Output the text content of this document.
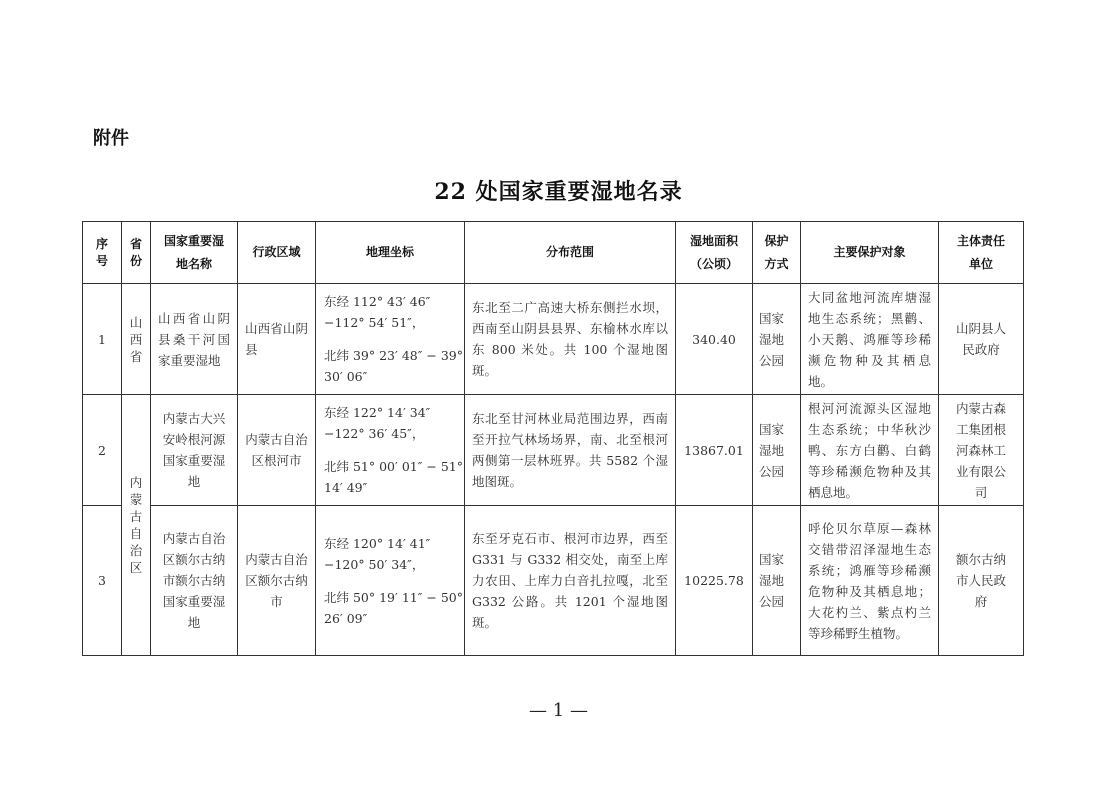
附件
22 处国家重要湿地名录
序号	省份	国家重要湿地名称	行政区域	地理坐标	分布范围	湿地面积（公顷）	保护方式	主要保护对象	主体责任单位
1	山西省	山西省山阴县桑干河国家重要湿地	山西省山阴县	东经 112° 43′ 46″ −112° 54′ 51″，
北纬 39° 23′ 48″ − 39° 30′ 06″	东北至二广高速大桥东侧拦水坝，西南至山阴县县界、东榆林水库以东 800 米处。共 100 个湿地图斑。	340.40	国家湿地公园	大同盆地河流库塘湿地生态系统；黑鹳、小天鹅、鸿雁等珍稀濒危物种及其栖息地。	山阴县人民政府
2	内蒙古自治区	内蒙古大兴安岭根河源国家重要湿地	内蒙古自治区根河市	东经 122° 14′ 34″ −122° 36′ 45″，
北纬 51° 00′ 01″ − 51° 14′ 49″	东北至甘河林业局范围边界，西南至开拉气林场场界，南、北至根河两侧第一层林班界。共 5582 个湿地图斑。	13867.01	国家湿地公园	根河河流源头区湿地生态系统；中华秋沙鸭、东方白鹳、白鹤等珍稀濒危物种及其栖息地。	内蒙古森工集团根河森林工业有限公司
3		内蒙古自治区额尔古纳市额尔古纳国家重要湿地	内蒙古自治区额尔古纳市	东经 120° 14′ 41″ −120° 50′ 34″，
北纬 50° 19′ 11″ − 50° 26′ 09″	东至牙克石市、根河市边界，西至 G331 与 G332 相交处，南至上库力农田、上库力白音扎拉嘎，北至 G332 公路。共 1201 个湿地图斑。	10225.78	国家湿地公园	呼伦贝尔草原—森林交错带沼泽湿地生态系统；鸿雁等珍稀濒危物种及其栖息地；大花杓兰、紫点杓兰等珍稀野生植物。	额尔古纳市人民政府
— 1 —
